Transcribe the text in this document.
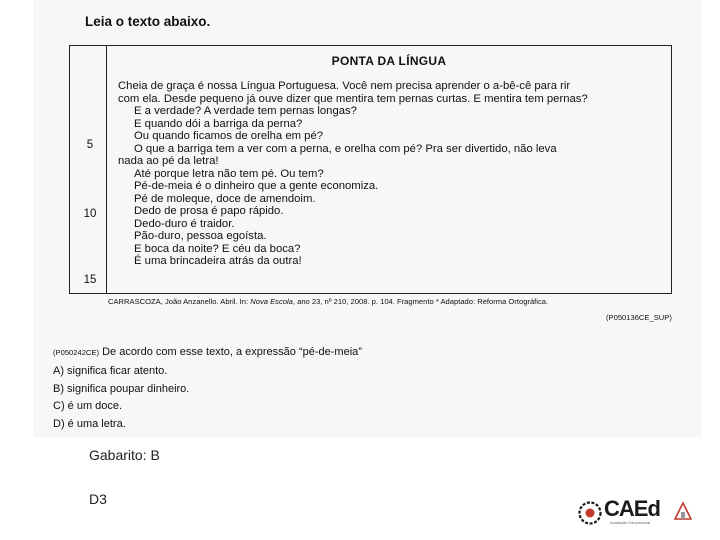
Leia o texto abaixo.
PONTA DA LÍNGUA
5
10
15
Cheia de graça é nossa Língua Portuguesa. Você nem precisa aprender o a-bê-cê para rir
com ela. Desde pequeno já ouve dizer que mentira tem pernas curtas. E mentira tem pernas?
E a verdade? A verdade tem pernas longas?
E quando dói a barriga da perna?
Ou quando ficamos de orelha em pé?
O que a barriga tem a ver com a perna, e orelha com pé? Pra ser divertido, não leva
nada ao pé da letra!
Até porque letra não tem pé. Ou tem?
Pé-de-meia é o dinheiro que a gente economiza.
Pé de moleque, doce de amendoim.
Dedo de prosa é papo rápido.
Dedo-duro é traidor.
Pão-duro, pessoa egoísta.
E boca da noite? E céu da boca?
É uma brincadeira atrás da outra!
CARRASCOZA, João Anzanello. Abril. In: Nova Escola, ano 23, nº 210, 2008. p. 104. Fragmento * Adaptado: Reforma Ortográfica.
(P050136CE_SUP)
(P050242CE) De acordo com esse texto, a expressão “pé-de-meia”
A) significa ficar atento.
B) significa poupar dinheiro.
C) é um doce.
D) é uma letra.
Gabarito: B
D3	CAEd
Avaliação Educacional
